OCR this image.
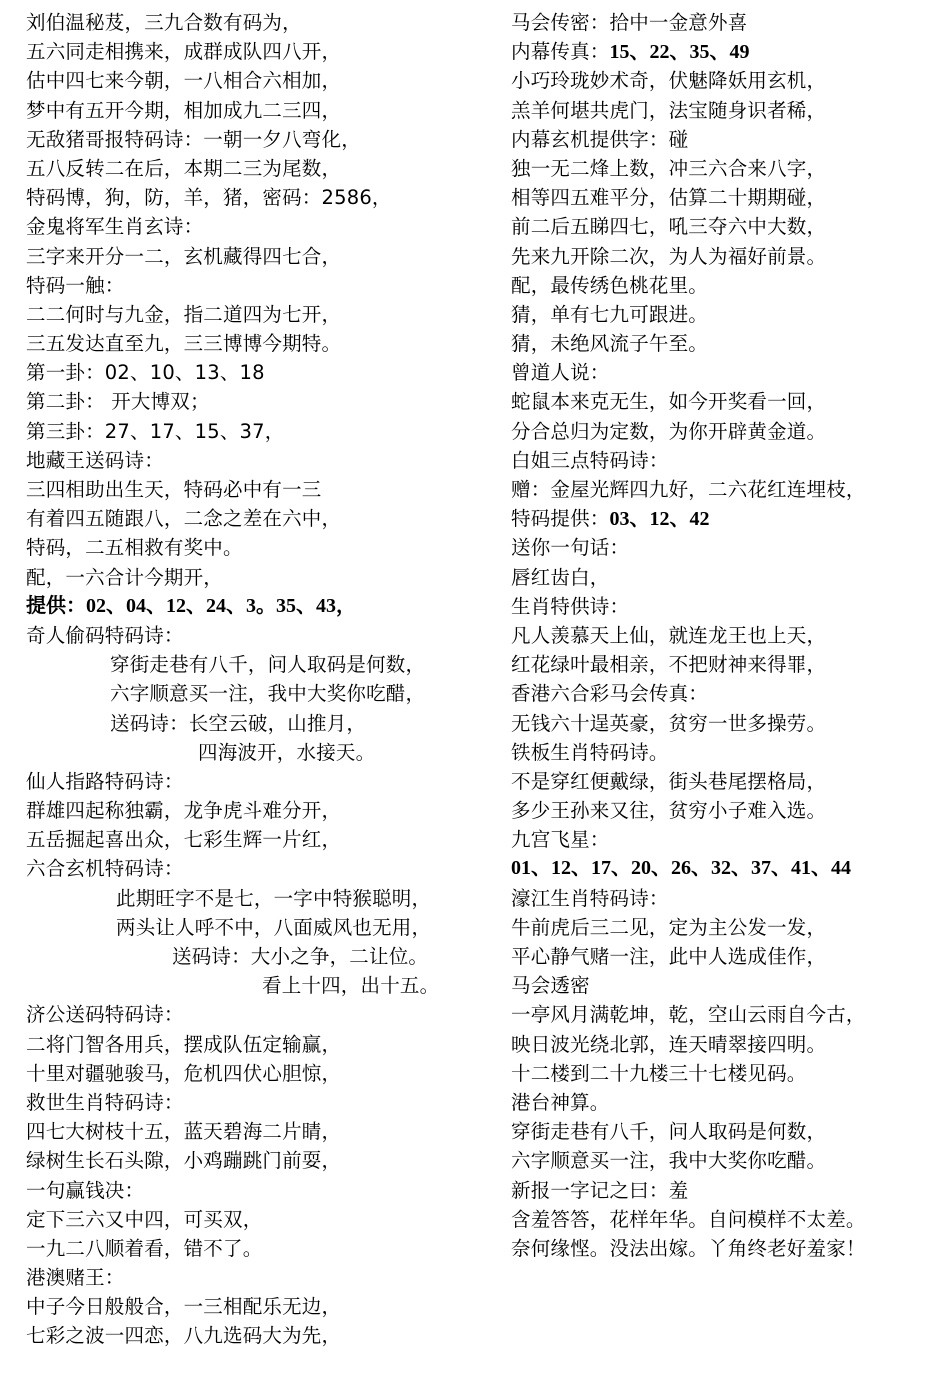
刘伯温秘芨，三九合数有码为，
五六同走相携来，成群成队四八开，
估中四七来今朝，一八相合六相加，
梦中有五开今期，相加成九二三四，
无敌猪哥报特码诗：一朝一夕八弯化，
五八反转二在后，本期二三为尾数，
特码博，狗，防，羊，猪，密码：2586，
金鬼将军生肖玄诗：
三字来开分一二，玄机藏得四七合，
特码一触：
二二何时与九金，指二道四为七开，
三五发达直至九，三三博博今期特。
第一卦：02、10、13、18
第二卦： 开大博双；
第三卦：27、17、15、37，
地藏王送码诗：
三四相助出生天，特码必中有一三
有着四五随跟八，二念之差在六中，
特码，二五相救有奖中。
配，一六合计今期开，
提供：02、04、12、24、3。35、43，
奇人偷码特码诗：
穿街走巷有八千，问人取码是何数，
六字顺意买一注，我中大奖你吃醋，
送码诗：长空云破，山推月，
四海波开，水接天。
仙人指路特码诗：
群雄四起称独霸，龙争虎斗难分开，
五岳掘起喜出众，七彩生辉一片红，
六合玄机特码诗：
此期旺字不是七，一字中特猴聪明，
两头让人呼不中，八面威风也无用，
送码诗：大小之争，二让位。
看上十四，出十五。
济公送码特码诗：
二将门智各用兵，摆成队伍定输赢，
十里对疆驰骏马，危机四伏心胆惊，
救世生肖特码诗：
四七大树枝十五，蓝天碧海二片睛，
绿树生长石头隙，小鸡蹦跳门前耍，
一句赢钱决：
定下三六又中四，可买双，
一九二八顺着看，错不了。
港澳赌王：
中子今日般般合，一三相配乐无边，
七彩之波一四恋，八九选码大为先，
马会传密：拾中一金意外喜
内幕传真：15、22、35、49
小巧玲珑妙术奇，伏魅降妖用玄机，
羔羊何堪共虎门，法宝随身识者稀，
内幕玄机提供字：碰
独一无二烽上数，冲三六合来八字，
相等四五难平分，估算二十期期碰，
前二后五睇四七，吼三夺六中大数，
先来九开除二次，为人为福好前景。
配，最传绣色桃花里。
猜，单有七九可跟进。
猜，未绝风流子午至。
曾道人说：
蛇鼠本来克无生，如今开奖看一回，
分合总归为定数，为你开辟黄金道。
白姐三点特码诗：
赠：金屋光辉四九好，二六花红连埋枝，
特码提供：03、12、42
送你一句话：
唇红齿白，
生肖特供诗：
凡人羡慕天上仙，就连龙王也上天，
红花绿叶最相亲，不把财神来得罪，
香港六合彩马会传真：
无钱六十逞英豪，贫穷一世多操劳。
铁板生肖特码诗。
不是穿红便戴绿，街头巷尾摆格局，
多少王孙来又往，贫穷小子难入选。
九宫飞星：
01、12、17、20、26、32、37、41、44
濠江生肖特码诗：
牛前虎后三二见，定为主公发一发，
平心静气赌一注，此中人选成佳作，
马会透密
一亭风月满乾坤，乾，空山云雨自今古，
映日波光绕北郭，连天晴翠接四明。
十二楼到二十九楼三十七楼见码。
港台神算。
穿街走巷有八千，问人取码是何数，
六字顺意买一注，我中大奖你吃醋。
新报一字记之曰：羞
含羞答答，花样年华。自问模样不太差。
奈何缘悭。没法出嫁。丫角终老好羞家！
